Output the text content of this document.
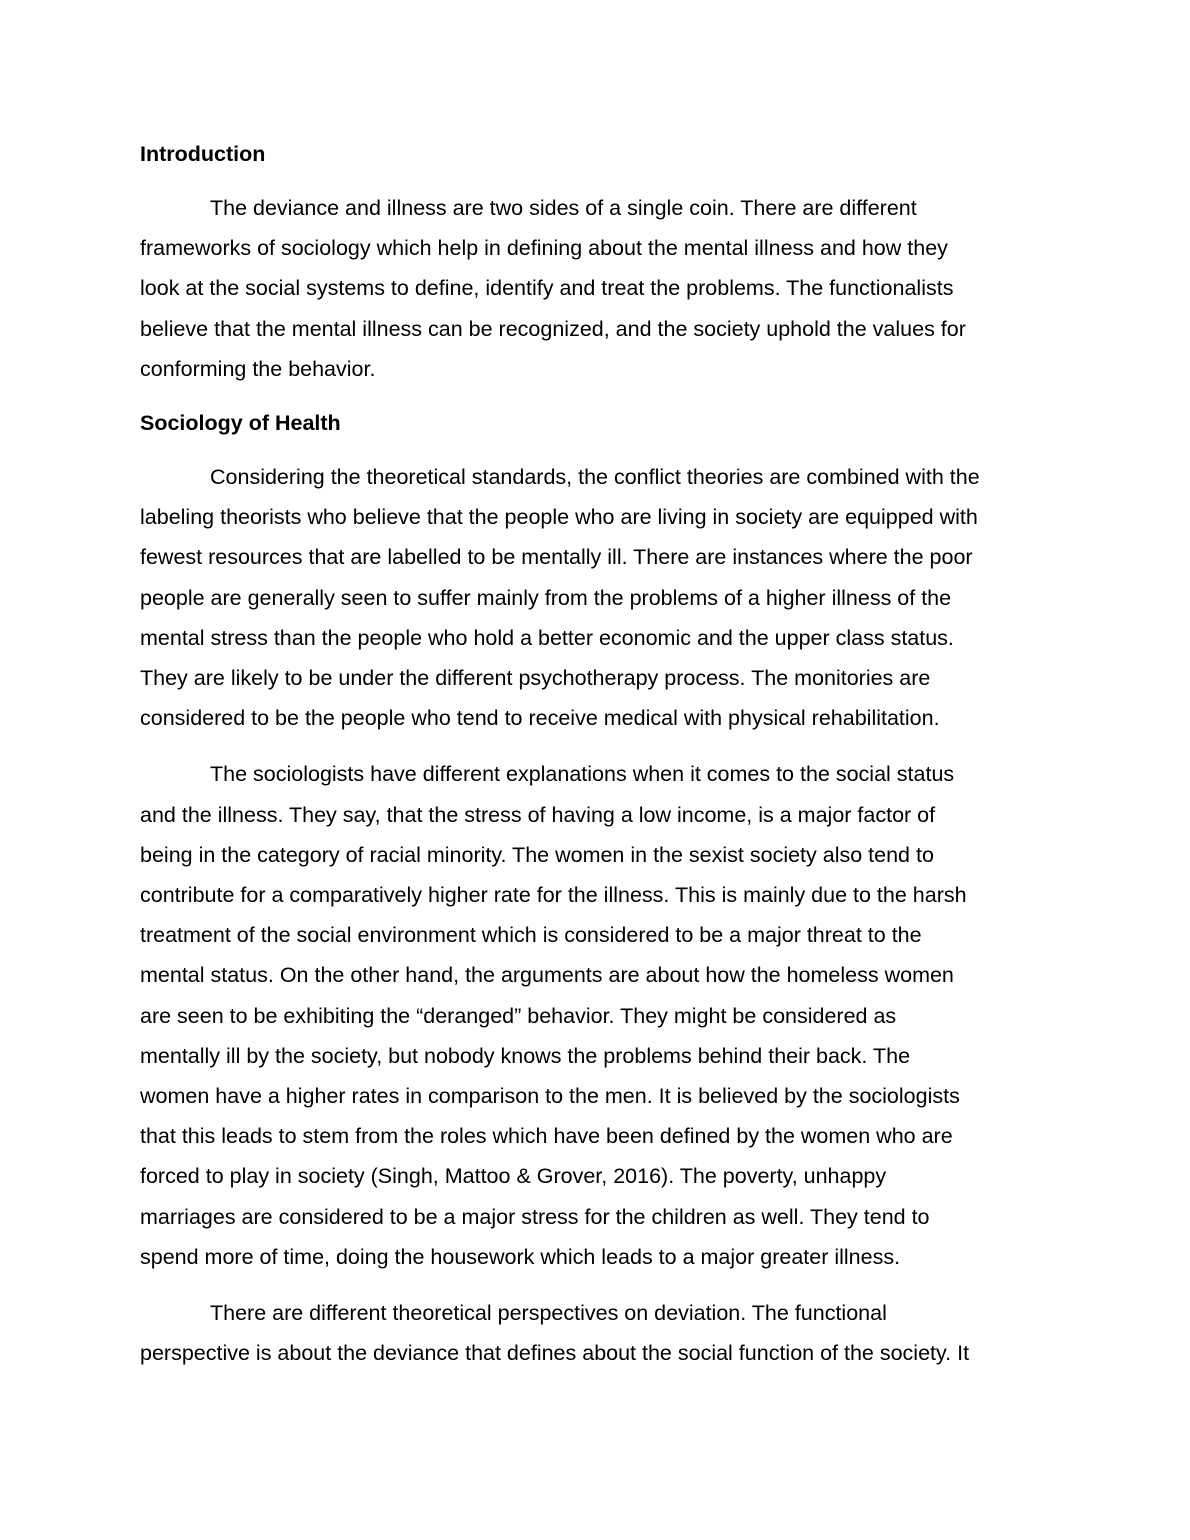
Introduction

The deviance and illness are two sides of a single coin. There are different
frameworks of sociology which help in defining about the mental illness and how they
look at the social systems to define, identify and treat the problems. The functionalists
believe that the mental illness can be recognized, and the society uphold the values for
conforming the behavior.

Sociology of Health

Considering the theoretical standards, the conflict theories are combined with the
labeling theorists who believe that the people who are living in society are equipped with
fewest resources that are labelled to be mentally ill. There are instances where the poor
people are generally seen to suffer mainly from the problems of a higher illness of the
mental stress than the people who hold a better economic and the upper class status.
They are likely to be under the different psychotherapy process. The monitories are
considered to be the people who tend to receive medical with physical rehabilitation.

The sociologists have different explanations when it comes to the social status
and the illness. They say, that the stress of having a low income, is a major factor of
being in the category of racial minority. The women in the sexist society also tend to
contribute for a comparatively higher rate for the illness. This is mainly due to the harsh
treatment of the social environment which is considered to be a major threat to the
mental status. On the other hand, the arguments are about how the homeless women
are seen to be exhibiting the “deranged” behavior. They might be considered as
mentally ill by the society, but nobody knows the problems behind their back. The
women have a higher rates in comparison to the men. It is believed by the sociologists
that this leads to stem from the roles which have been defined by the women who are
forced to play in society (Singh, Mattoo & Grover, 2016). The poverty, unhappy
marriages are considered to be a major stress for the children as well. They tend to
spend more of time, doing the housework which leads to a major greater illness.

There are different theoretical perspectives on deviation. The functional
perspective is about the deviance that defines about the social function of the society. It
